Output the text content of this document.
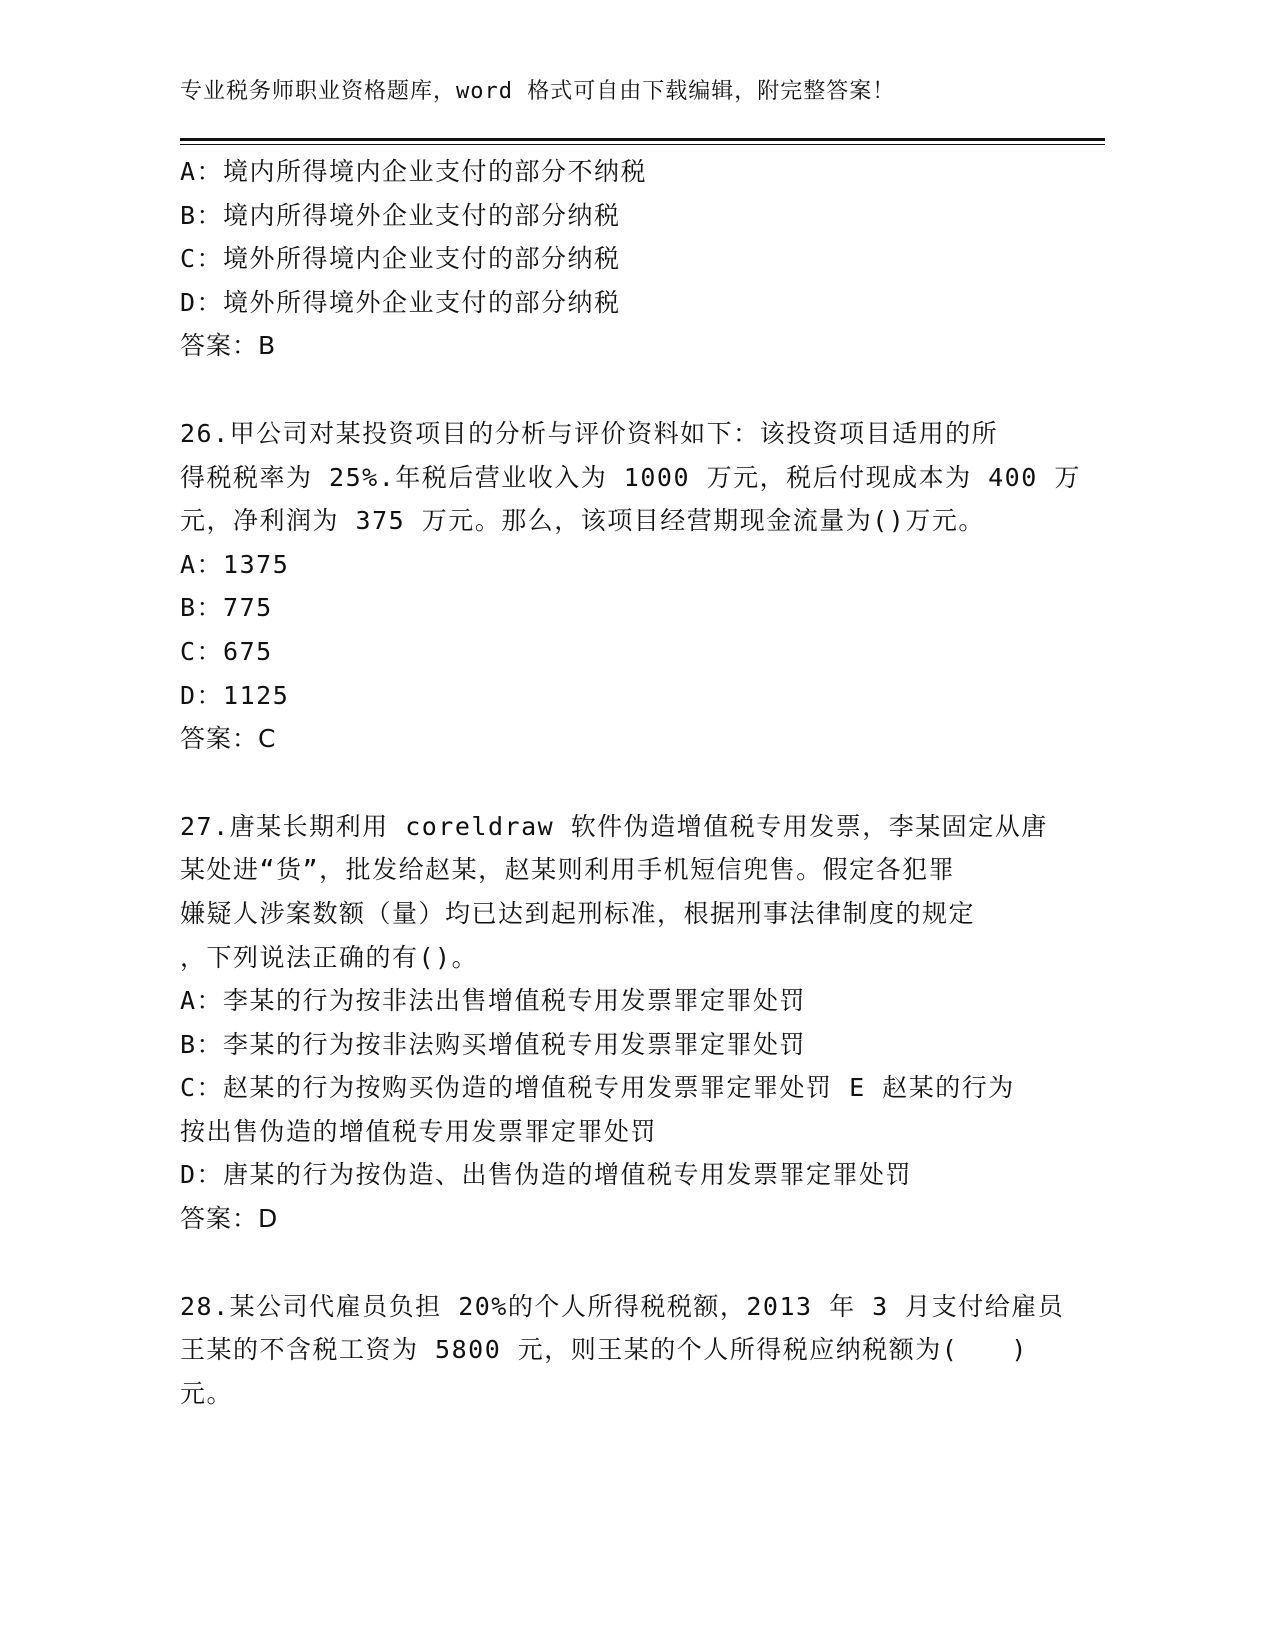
专业税务师职业资格题库，word 格式可自由下载编辑，附完整答案！
A：境内所得境内企业支付的部分不纳税
B：境内所得境外企业支付的部分纳税
C：境外所得境内企业支付的部分纳税
D：境外所得境外企业支付的部分纳税
答案：B
26.甲公司对某投资项目的分析与评价资料如下：该投资项目适用的所
得税税率为 25%.年税后营业收入为 1000 万元，税后付现成本为 400 万
元，净利润为 375 万元。那么，该项目经营期现金流量为()万元。
A：1375
B：775
C：675
D：1125
答案：C
27.唐某长期利用 coreldraw 软件伪造增值税专用发票，李某固定从唐
某处进“货”，批发给赵某，赵某则利用手机短信兜售。假定各犯罪
嫌疑人涉案数额（量）均已达到起刑标准，根据刑事法律制度的规定
，下列说法正确的有()。
A：李某的行为按非法出售增值税专用发票罪定罪处罚
B：李某的行为按非法购买增值税专用发票罪定罪处罚
C：赵某的行为按购买伪造的增值税专用发票罪定罪处罚 E 赵某的行为
按出售伪造的增值税专用发票罪定罪处罚
D：唐某的行为按伪造、出售伪造的增值税专用发票罪定罪处罚
答案：D
28.某公司代雇员负担 20%的个人所得税税额，2013 年 3 月支付给雇员
王某的不含税工资为 5800 元，则王某的个人所得税应纳税额为(　　)
元。
